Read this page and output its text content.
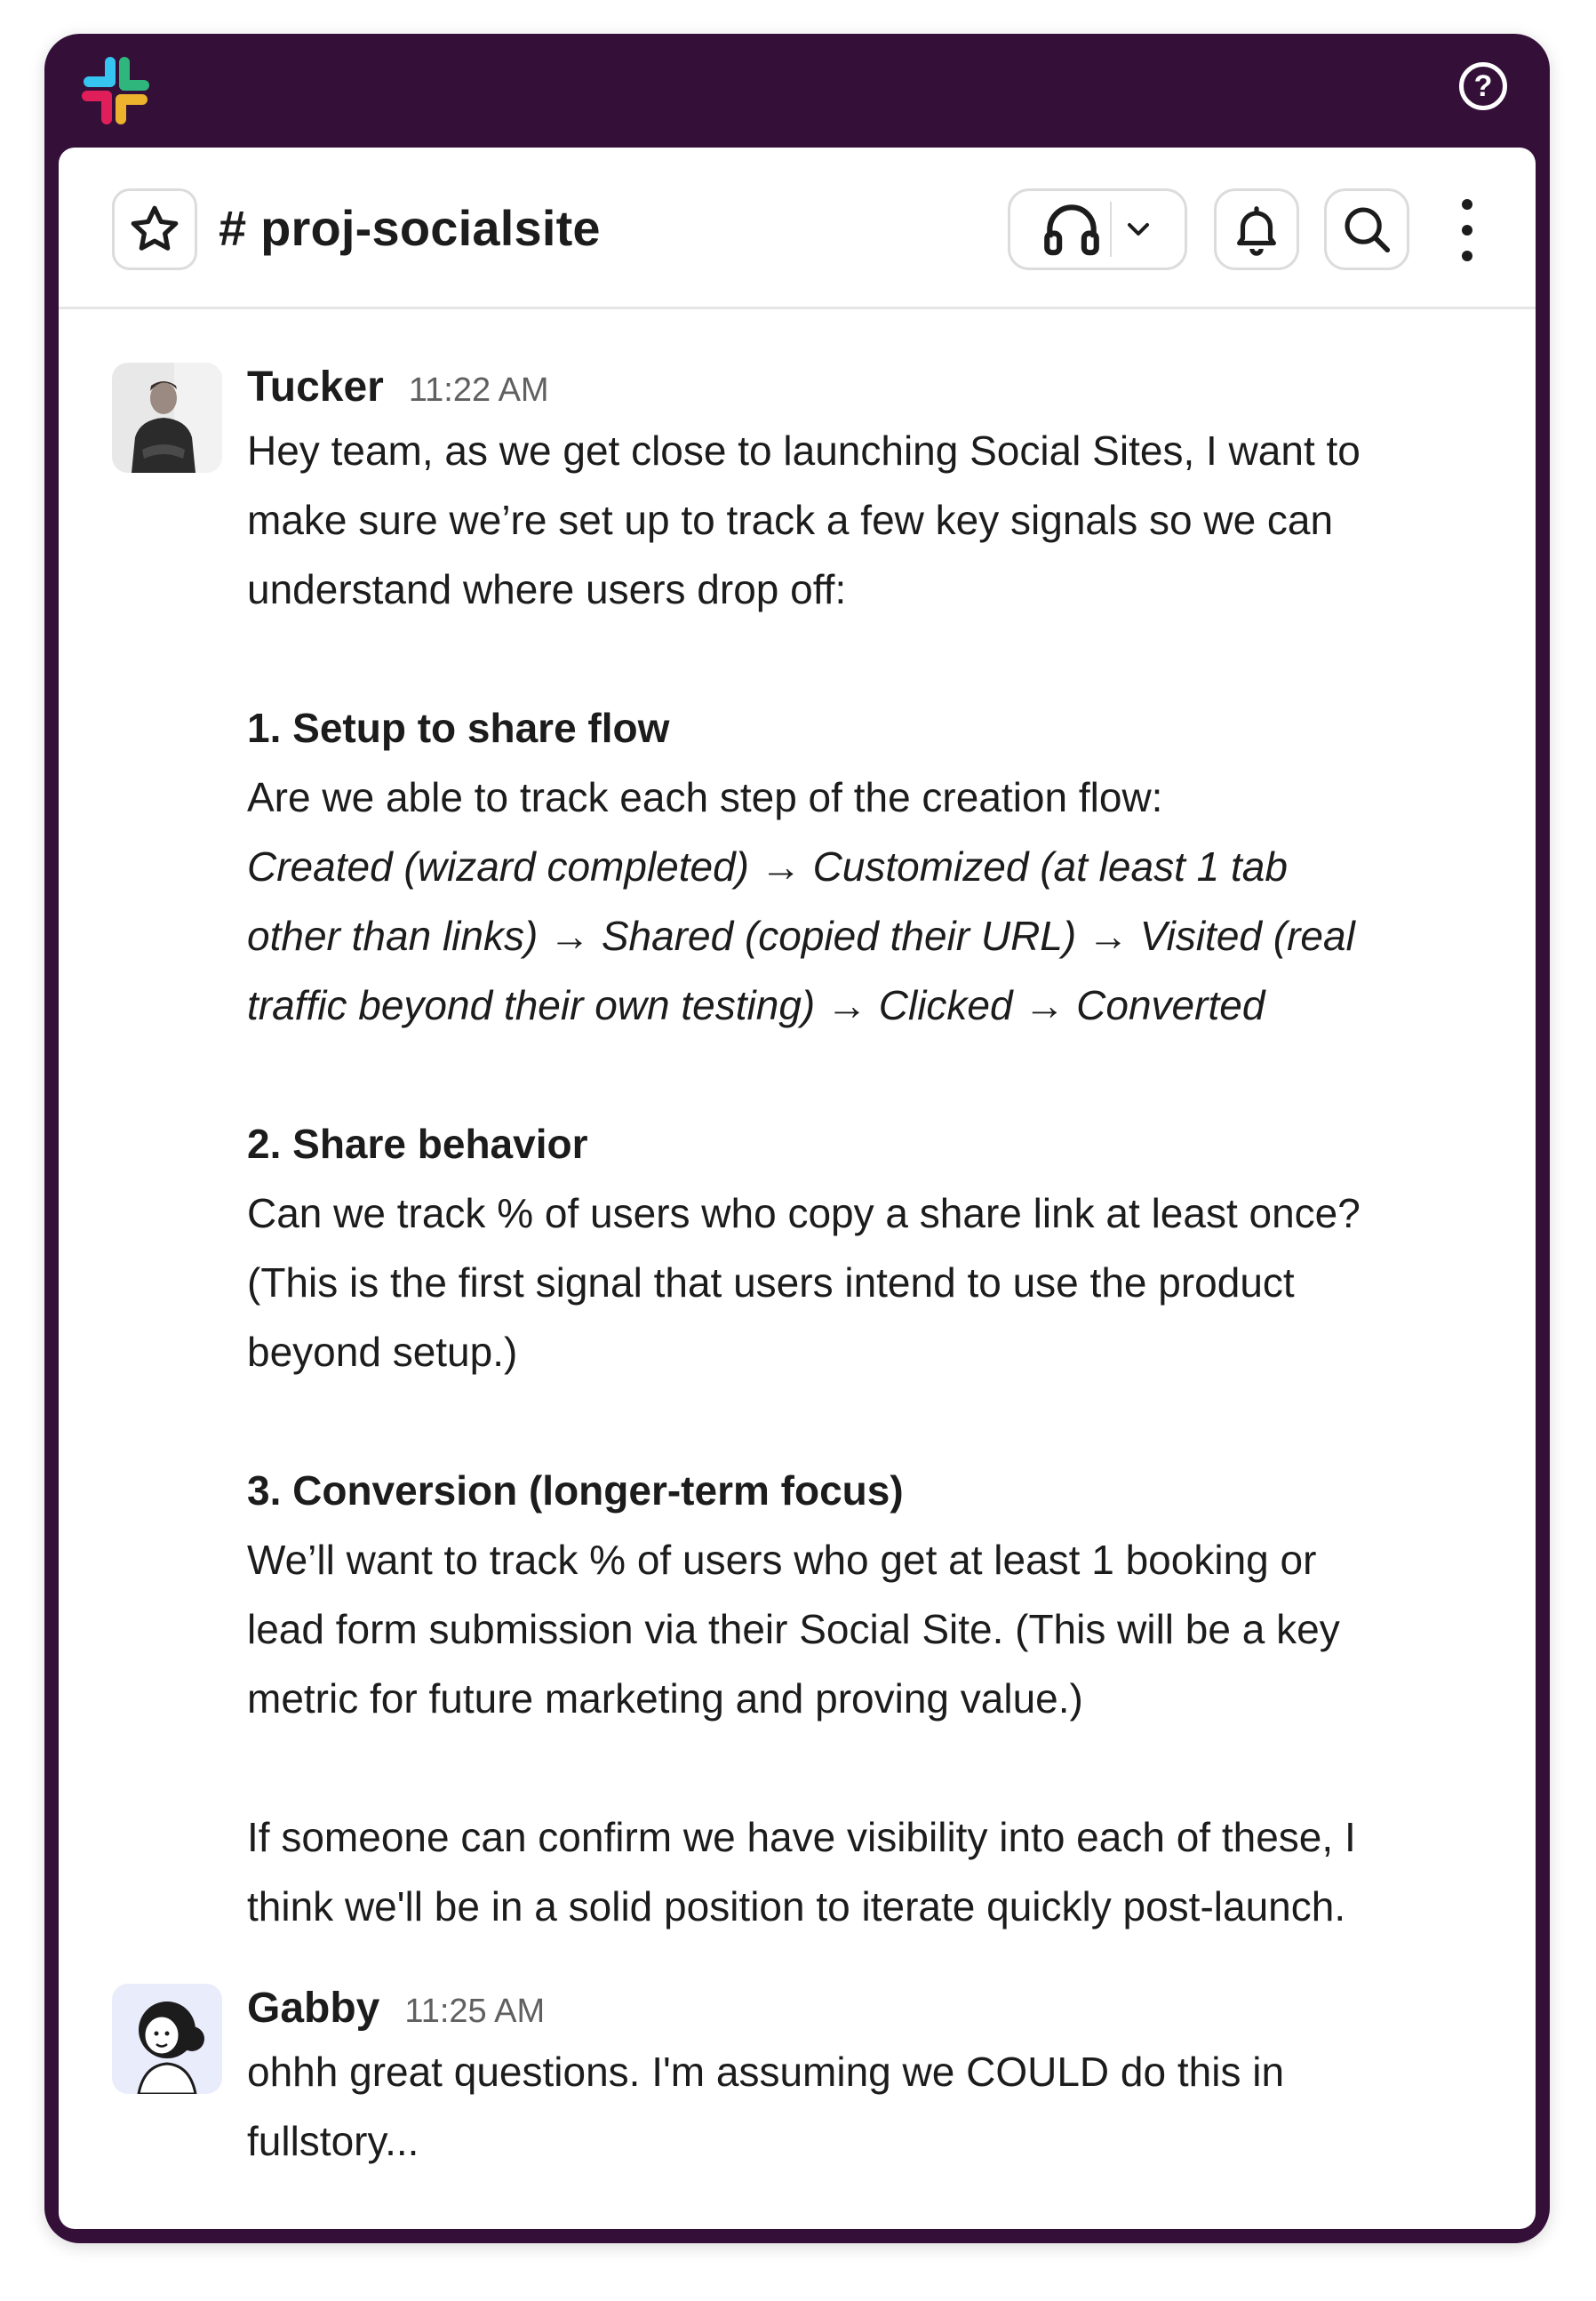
?
# proj-socialsite
Tucker 11:22 AM

Hey team, as we get close to launching Social Sites, I want to

make sure we’re set up to track a few key signals so we can

understand where users drop off:

1. Setup to share flow

Are we able to track each step of the creation flow:

Created (wizard completed) → Customized (at least 1 tab

other than links) → Shared (copied their URL) → Visited (real

traffic beyond their own testing) → Clicked → Converted

2. Share behavior

Can we track % of users who copy a share link at least once?

(This is the first signal that users intend to use the product

beyond setup.)

3. Conversion (longer-term focus)

We’ll want to track % of users who get at least 1 booking or

lead form submission via their Social Site. (This will be a key

metric for future marketing and proving value.)

If someone can confirm we have visibility into each of these, I

think we'll be in a solid position to iterate quickly post-launch.

Gabby 11:25 AM

ohhh great questions. I'm assuming we COULD do this in

fullstory...
